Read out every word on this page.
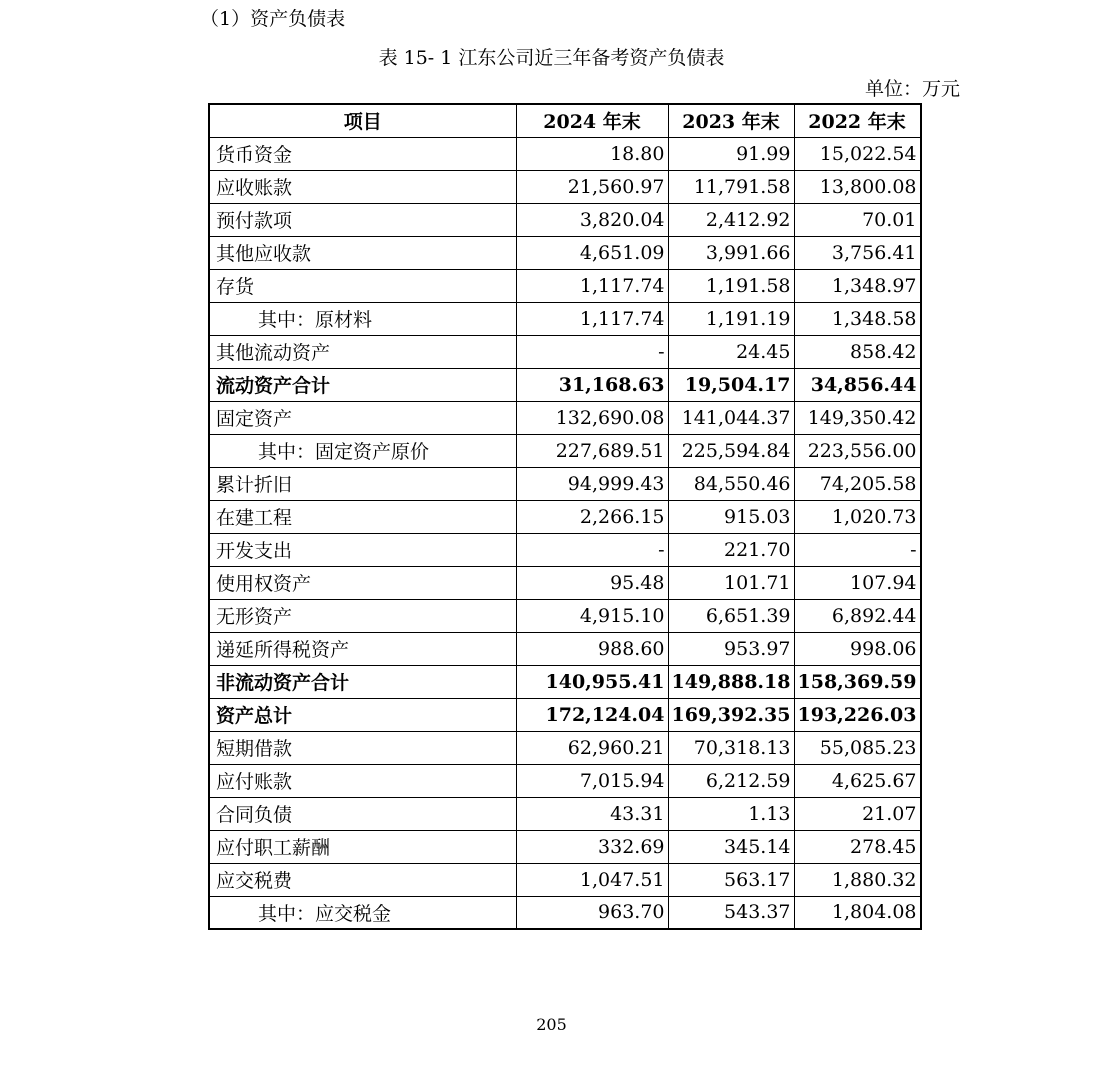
（1）资产负债表
表 15- 1 江东公司近三年备考资产负债表
单位：万元
项目	2024 年末	2023 年末	2022 年末
货币资金	18.80	91.99	15,022.54
应收账款	21,560.97	11,791.58	13,800.08
预付款项	3,820.04	2,412.92	70.01
其他应收款	4,651.09	3,991.66	3,756.41
存货	1,117.74	1,191.58	1,348.97
其中：原材料	1,117.74	1,191.19	1,348.58
其他流动资产	-	24.45	858.42
流动资产合计	31,168.63	19,504.17	34,856.44
固定资产	132,690.08	141,044.37	149,350.42
其中：固定资产原价	227,689.51	225,594.84	223,556.00
累计折旧	94,999.43	84,550.46	74,205.58
在建工程	2,266.15	915.03	1,020.73
开发支出	-	221.70	-
使用权资产	95.48	101.71	107.94
无形资产	4,915.10	6,651.39	6,892.44
递延所得税资产	988.60	953.97	998.06
非流动资产合计	140,955.41	149,888.18	158,369.59
资产总计	172,124.04	169,392.35	193,226.03
短期借款	62,960.21	70,318.13	55,085.23
应付账款	7,015.94	6,212.59	4,625.67
合同负债	43.31	1.13	21.07
应付职工薪酬	332.69	345.14	278.45
应交税费	1,047.51	563.17	1,880.32
其中：应交税金	963.70	543.37	1,804.08
205
